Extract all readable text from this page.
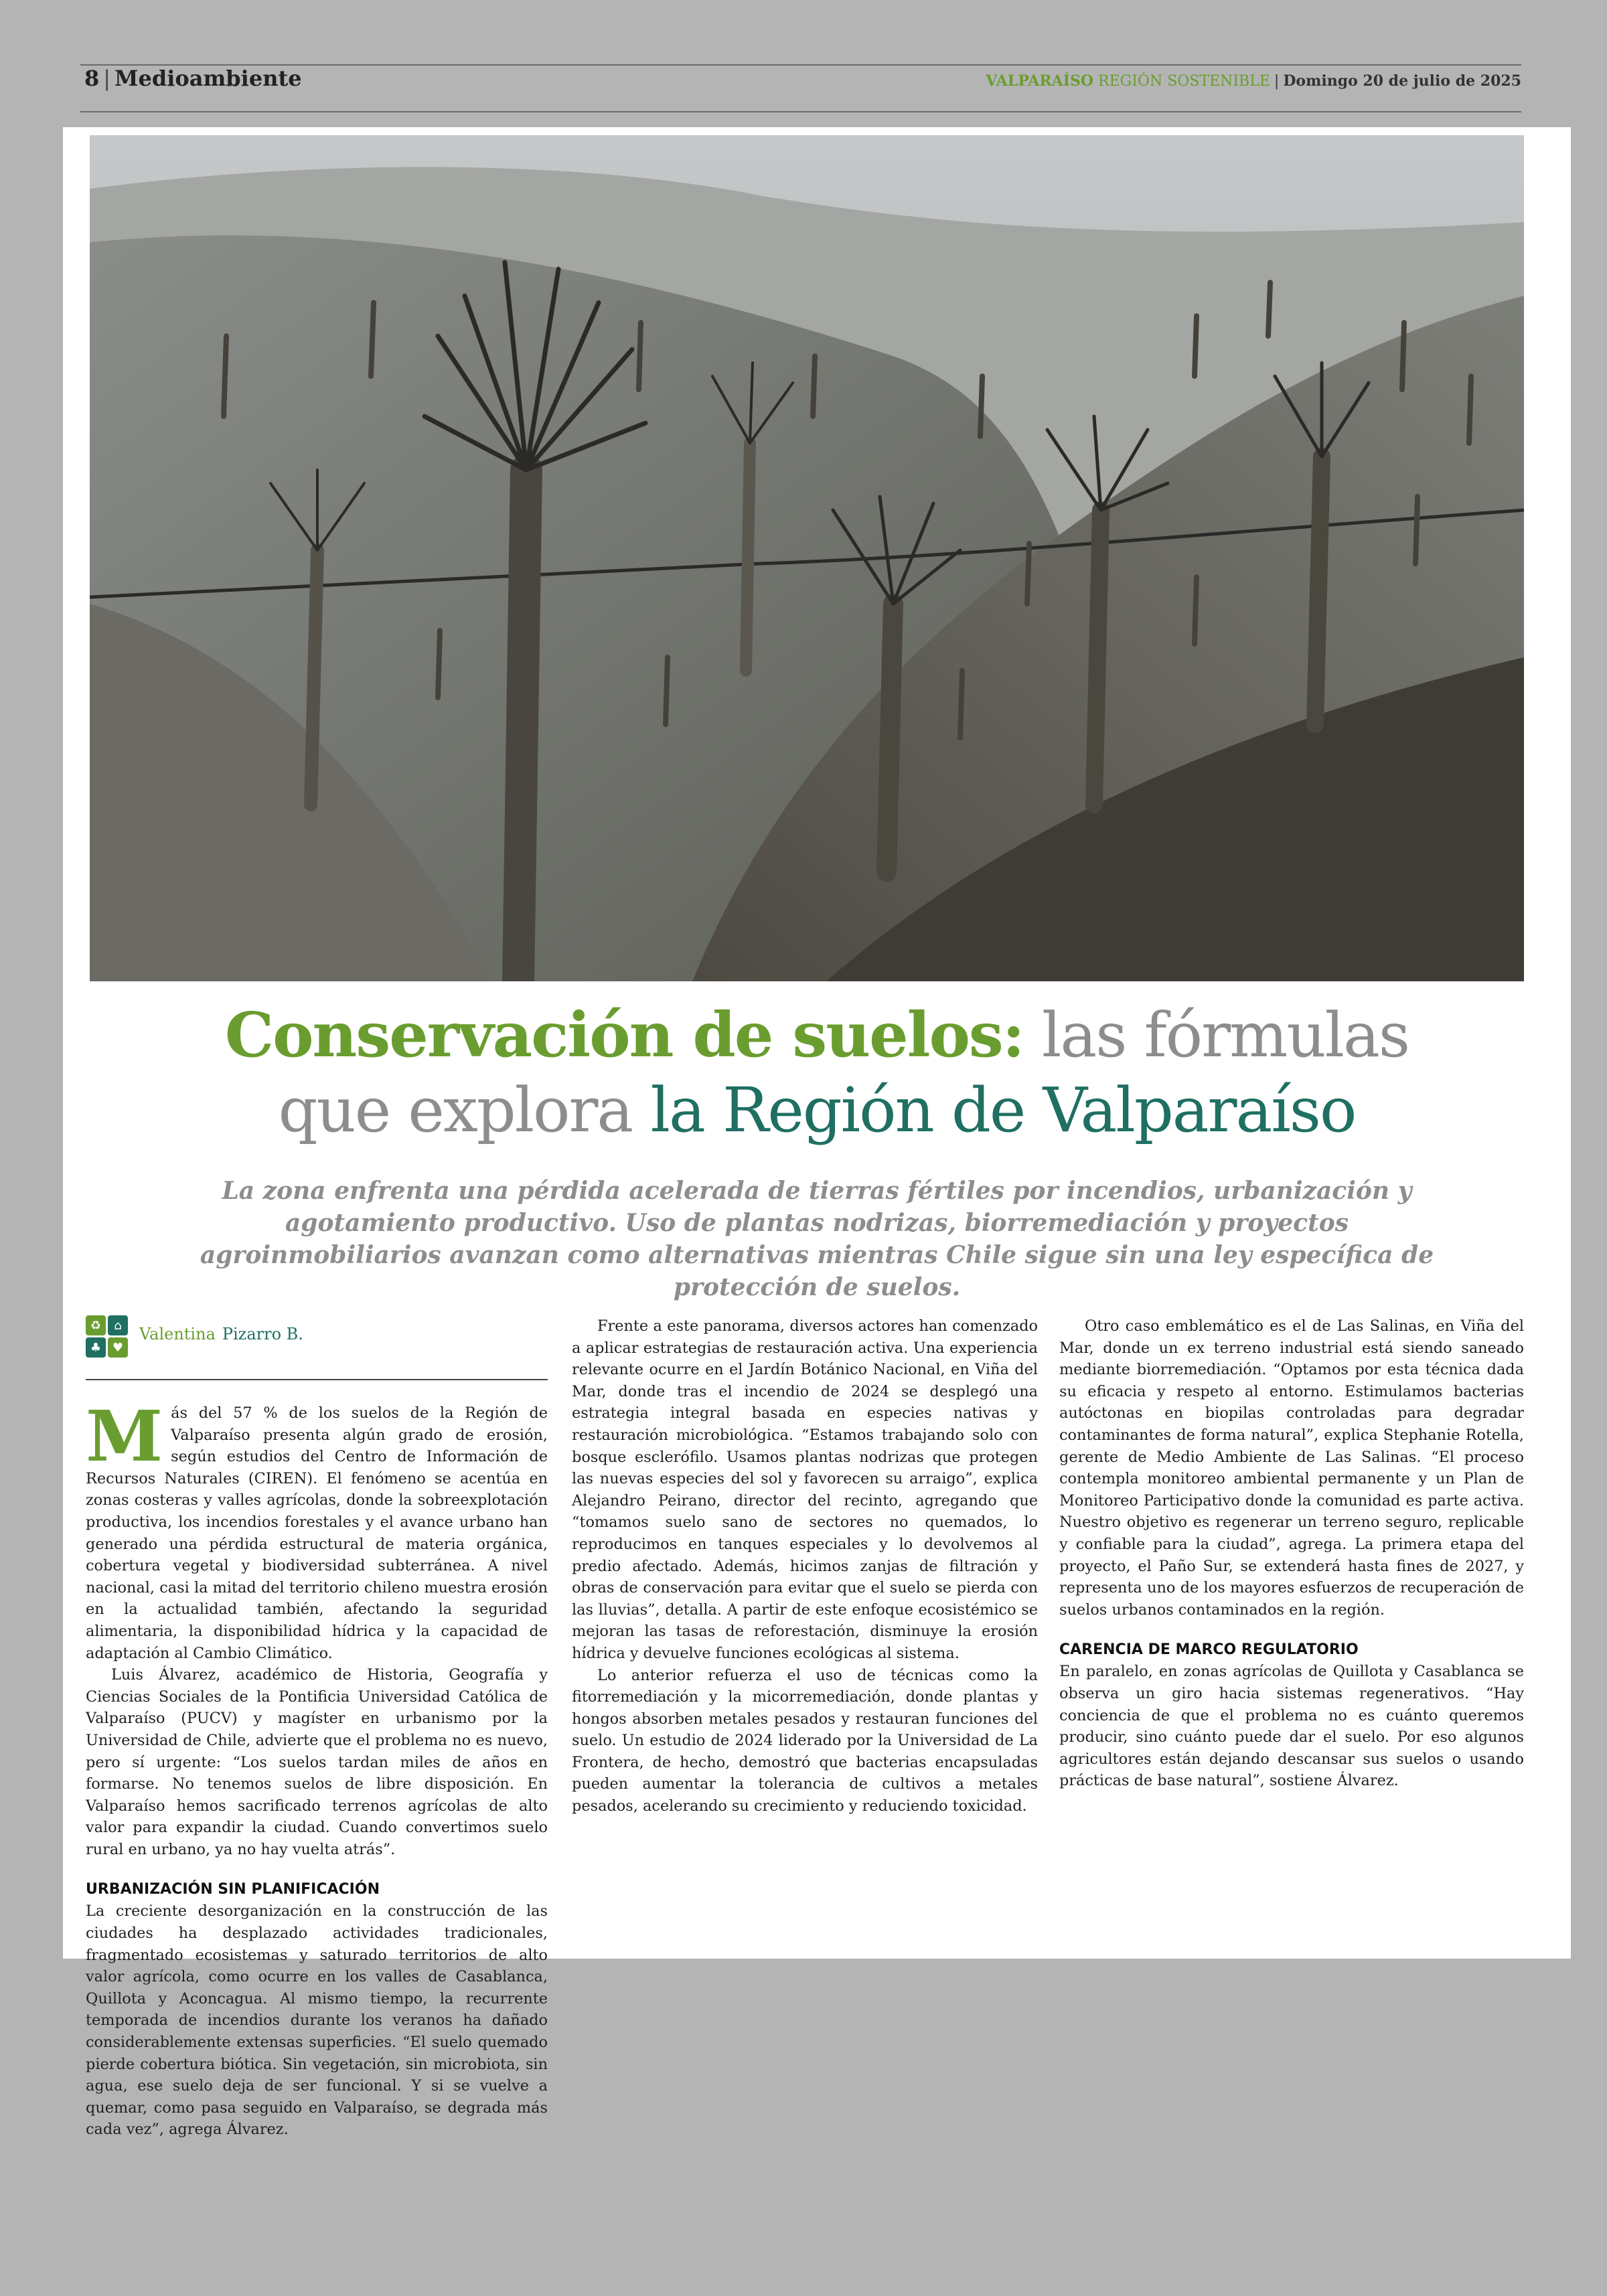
8 | Medioambiente	VALPARAÍSO REGIÓN SOSTENIBLE | Domingo 20 de julio de 2025
Conservación de suelos: las fórmulas
que explora la Región de Valparaíso
La zona enfrenta una pérdida acelerada de tierras fértiles por incendios, urbanización y agotamiento productivo. Uso de plantas nodrizas, biorremediación y proyectos agroinmobiliarios avanzan como alternativas mientras Chile sigue sin una ley específica de protección de suelos.
♻	⌂
♣ ♥
Valentina Pizarro B.

Más del 57 % de los suelos de la Región de Valparaíso presenta algún grado de erosión, según estudios del Centro de Información de Recursos Naturales (CIREN). El fenómeno se acentúa en zonas costeras y valles agrícolas, donde la sobreexplotación productiva, los incendios forestales y el avance urbano han generado una pérdida estructural de materia orgánica, cobertura vegetal y biodiversidad subterránea. A nivel nacional, casi la mitad del territorio chileno muestra erosión en la actualidad también, afectando la seguridad alimentaria, la disponibilidad hídrica y la capacidad de adaptación al Cambio Climático.

Luis Álvarez, académico de Historia, Geografía y Ciencias Sociales de la Pontificia Universidad Católica de Valparaíso (PUCV) y magíster en urbanismo por la Universidad de Chile, advierte que el problema no es nuevo, pero sí urgente: “Los suelos tardan miles de años en formarse. No tenemos suelos de libre disposición. En Valparaíso hemos sacrificado terrenos agrícolas de alto valor para expandir la ciudad. Cuando convertimos suelo rural en urbano, ya no hay vuelta atrás”.

URBANIZACIÓN SIN PLANIFICACIÓN

La creciente desorganización en la construcción de las ciudades ha desplazado actividades tradicionales, fragmentado ecosistemas y saturado territorios de alto valor agrícola, como ocurre en los valles de Casablanca, Quillota y Aconcagua. Al mismo tiempo, la recurrente temporada de incendios durante los veranos ha dañado considerablemente extensas superficies. “El suelo quemado pierde cobertura biótica. Sin vegetación, sin microbiota, sin agua, ese suelo deja de ser funcional. Y si se vuelve a quemar, como pasa seguido en Valparaíso, se degrada más cada vez”, agrega Álvarez.

Frente a este panorama, diversos actores han comenzado a aplicar estrategias de restauración activa. Una experiencia relevante ocurre en el Jardín Botánico Nacional, en Viña del Mar, donde tras el incendio de 2024 se desplegó una estrategia integral basada en especies nativas y restauración microbiológica. “Estamos trabajando solo con bosque esclerófilo. Usamos plantas nodrizas que protegen las nuevas especies del sol y favorecen su arraigo”, explica Alejandro Peirano, director del recinto, agregando que “tomamos suelo sano de sectores no quemados, lo reproducimos en tanques especiales y lo devolvemos al predio afectado. Además, hicimos zanjas de filtración y obras de conservación para evitar que el suelo se pierda con las lluvias”, detalla. A partir de este enfoque ecosistémico se mejoran las tasas de reforestación, disminuye la erosión hídrica y devuelve funciones ecológicas al sistema.

Lo anterior refuerza el uso de técnicas como la fitorremediación y la micorremediación, donde plantas y hongos absorben metales pesados y restauran funciones del suelo. Un estudio de 2024 liderado por la Universidad de La Frontera, de hecho, demostró que bacterias encapsuladas pueden aumentar la tolerancia de cultivos a metales pesados, acelerando su crecimiento y reduciendo toxicidad.

Otro caso emblemático es el de Las Salinas, en Viña del Mar, donde un ex terreno industrial está siendo saneado mediante biorremediación. “Optamos por esta técnica dada su eficacia y respeto al entorno. Estimulamos bacterias autóctonas en biopilas controladas para degradar contaminantes de forma natural”, explica Stephanie Rotella, gerente de Medio Ambiente de Las Salinas. “El proceso contempla monitoreo ambiental permanente y un Plan de Monitoreo Participativo donde la comunidad es parte activa. Nuestro objetivo es regenerar un terreno seguro, replicable y confiable para la ciudad”, agrega. La primera etapa del proyecto, el Paño Sur, se extenderá hasta fines de 2027, y representa uno de los mayores esfuerzos de recuperación de suelos urbanos contaminados en la región.

CARENCIA DE MARCO REGULATORIO

En paralelo, en zonas agrícolas de Quillota y Casablanca se observa un giro hacia sistemas regenerativos. “Hay conciencia de que el problema no es cuánto queremos producir, sino cuánto puede dar el suelo. Por eso algunos agricultores están dejando descansar sus suelos o usando prácticas de base natural”, sostiene Álvarez.
